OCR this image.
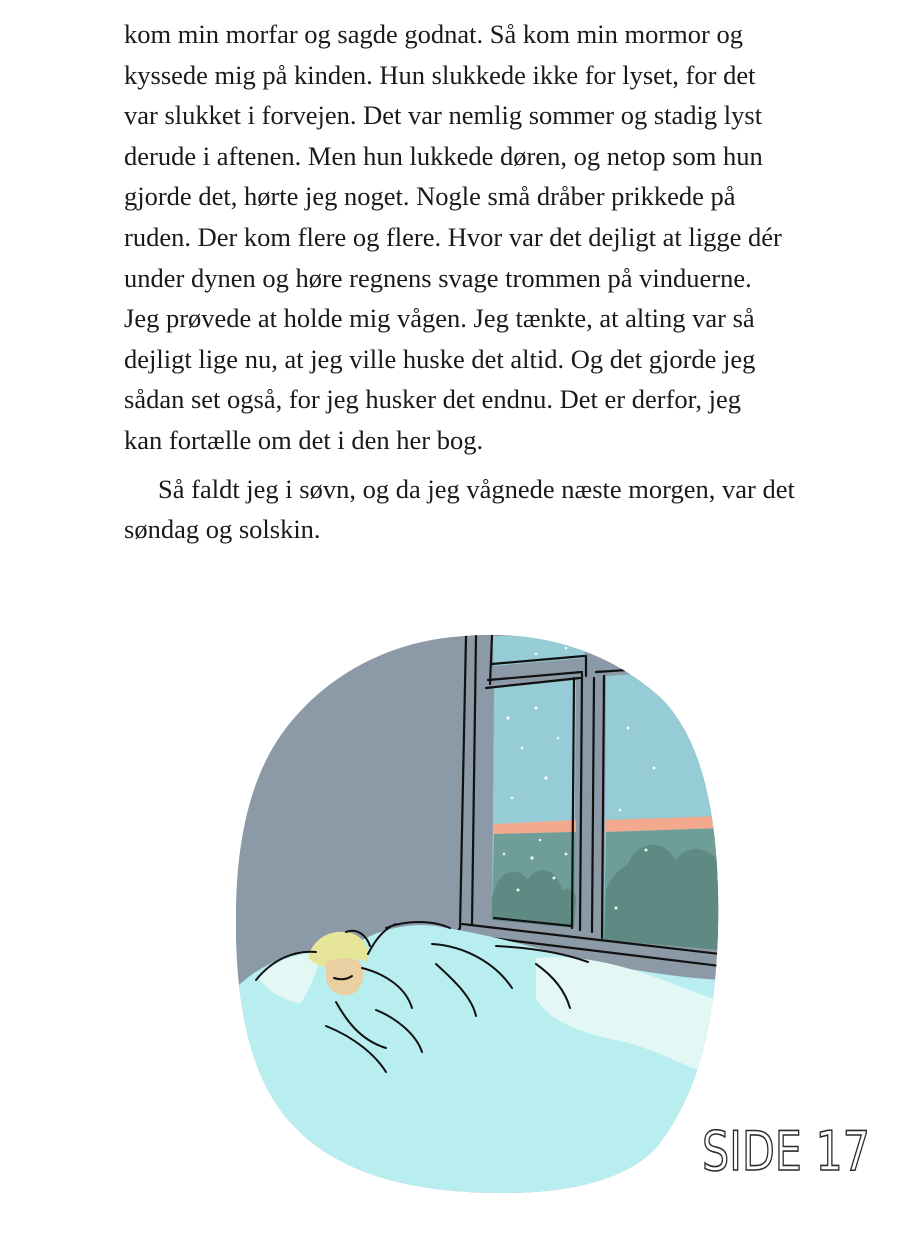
kom min morfar og sagde godnat. Så kom min mormor og
kyssede mig på kinden. Hun slukkede ikke for lyset, for det
var slukket i forvejen. Det var nemlig sommer og stadig lyst
derude i aftenen. Men hun lukkede døren, og netop som hun
gjorde det, hørte jeg noget. Nogle små dråber prikkede på
ruden. Der kom flere og flere. Hvor var det dejligt at ligge dér
under dynen og høre regnens svage trommen på vinduerne.
Jeg prøvede at holde mig vågen. Jeg tænkte, at alting var så
dejligt lige nu, at jeg ville huske det altid. Og det gjorde jeg
sådan set også, for jeg husker det endnu. Det er derfor, jeg
kan fortælle om det i den her bog.

Så faldt jeg i søvn, og da jeg vågnede næste morgen, var det
søndag og solskin.

SIDE 17
